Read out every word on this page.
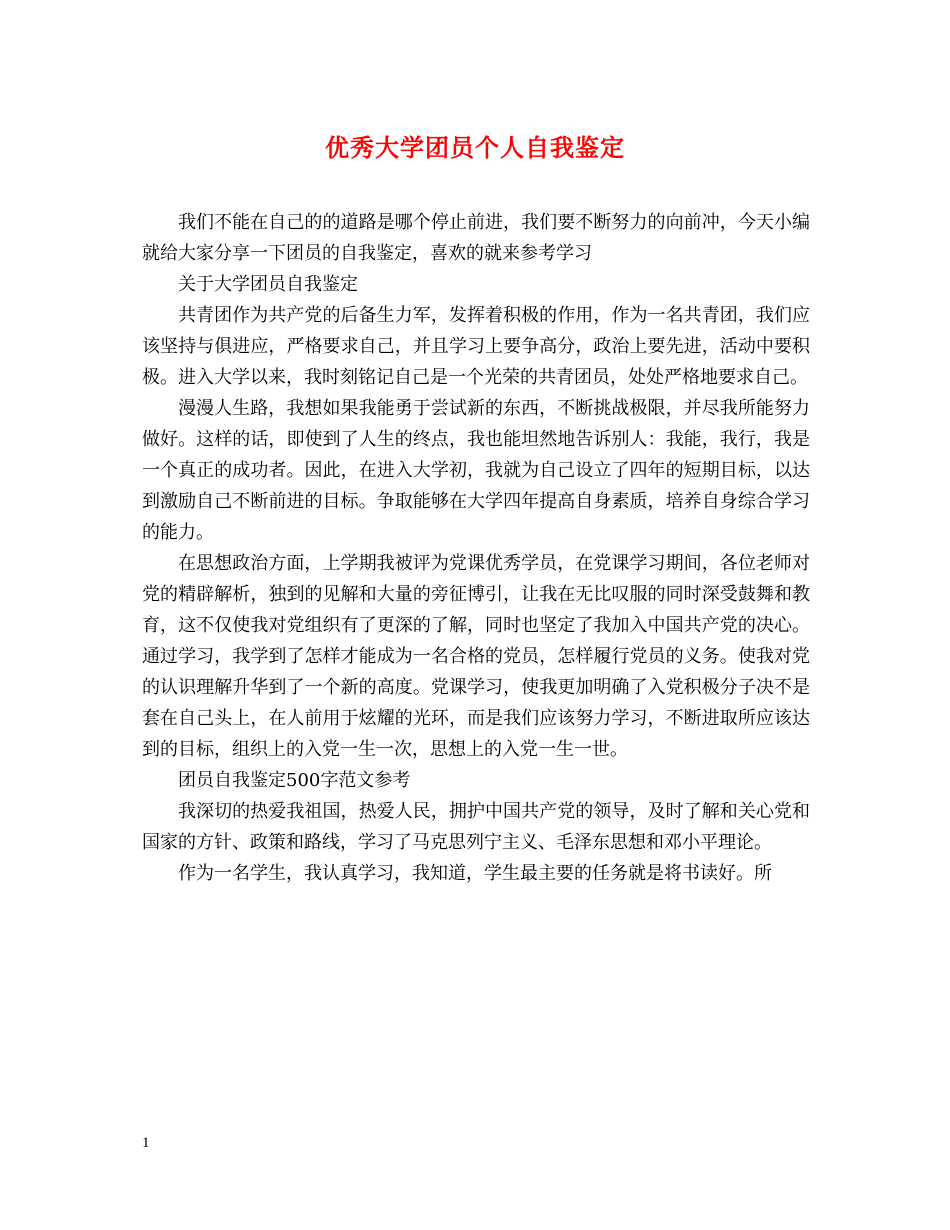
优秀大学团员个人自我鉴定

我们不能在自己的的道路是哪个停止前进，我们要不断努力的向前冲，今天小编就给大家分享一下团员的自我鉴定，喜欢的就来参考学习

关于大学团员自我鉴定

共青团作为共产党的后备生力军，发挥着积极的作用，作为一名共青团，我们应该坚持与俱进应，严格要求自己，并且学习上要争高分，政治上要先进，活动中要积极。进入大学以来，我时刻铭记自己是一个光荣的共青团员，处处严格地要求自己。

漫漫人生路，我想如果我能勇于尝试新的东西，不断挑战极限，并尽我所能努力做好。这样的话，即使到了人生的终点，我也能坦然地告诉别人：我能，我行，我是一个真正的成功者。因此，在进入大学初，我就为自己设立了四年的短期目标，以达到激励自己不断前进的目标。争取能够在大学四年提高自身素质，培养自身综合学习的能力。

在思想政治方面，上学期我被评为党课优秀学员，在党课学习期间，各位老师对党的精辟解析，独到的见解和大量的旁征博引，让我在无比叹服的同时深受鼓舞和教育，这不仅使我对党组织有了更深的了解，同时也坚定了我加入中国共产党的决心。通过学习，我学到了怎样才能成为一名合格的党员，怎样履行党员的义务。使我对党的认识理解升华到了一个新的高度。党课学习，使我更加明确了入党积极分子决不是套在自己头上，在人前用于炫耀的光环，而是我们应该努力学习，不断进取所应该达到的目标，组织上的入党一生一次，思想上的入党一生一世。

团员自我鉴定500字范文参考

我深切的热爱我祖国，热爱人民，拥护中国共产党的领导，及时了解和关心党和国家的方针、政策和路线，学习了马克思列宁主义、毛泽东思想和邓小平理论。

作为一名学生，我认真学习，我知道，学生最主要的任务就是将书读好。所

1
